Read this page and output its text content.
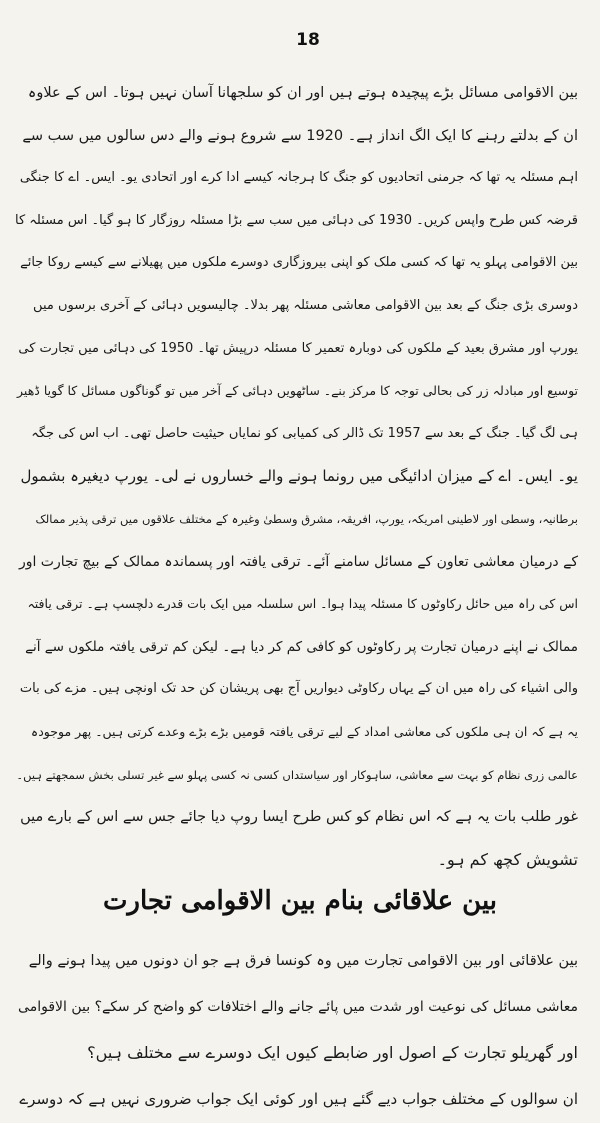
18
بین الاقوامی مسائل بڑے پیچیدہ ہوتے ہیں اور ان کو سلجھانا آسان نہیں ہوتا۔ اس کے علاوہ
ان کے بدلتے رہنے کا ایک الگ انداز ہے۔ 1920 سے شروع ہونے والے دس سالوں میں سب سے
اہم مسئلہ یہ تھا کہ جرمنی اتحادیوں کو جنگ کا ہرجانہ کیسے ادا کرے اور اتحادی یو۔ ایس۔ اے کا جنگی
قرضہ کس طرح واپس کریں۔ 1930 کی دہائی میں سب سے بڑا مسئلہ روزگار کا ہو گیا۔ اس مسئلہ کا
بین الاقوامی پہلو یہ تھا کہ کسی ملک کو اپنی بیروزگاری دوسرے ملکوں میں پھیلانے سے کیسے روکا جائے
دوسری بڑی جنگ کے بعد بین الاقوامی معاشی مسئلہ پھر بدلا۔ چالیسویں دہائی کے آخری برسوں میں
یورپ اور مشرق بعید کے ملکوں کی دوبارہ تعمیر کا مسئلہ درپیش تھا۔ 1950 کی دہائی میں تجارت کی
توسیع اور مبادلہ زر کی بحالی توجہ کا مرکز بنے۔ ساٹھویں دہائی کے آخر میں تو گوناگوں مسائل کا گویا ڈھیر
ہی لگ گیا۔ جنگ کے بعد سے 1957 تک ڈالر کی کمیابی کو نمایاں حیثیت حاصل تھی۔ اب اس کی جگہ
یو۔ ایس۔ اے کے میزان ادائیگی میں رونما ہونے والے خساروں نے لی۔ یورپ دیغیرہ بشمول
برطانیہ، وسطی اور لاطینی امریکہ، یورپ، افریقہ، مشرق وسطیٰ وغیرہ کے مختلف علاقوں میں ترقی پذیر ممالک
کے درمیان معاشی تعاون کے مسائل سامنے آئے۔ ترقی یافتہ اور پسماندہ ممالک کے بیچ تجارت اور
اس کی راہ میں حائل رکاوٹوں کا مسئلہ پیدا ہوا۔ اس سلسلہ میں ایک بات قدرے دلچسپ ہے۔ ترقی یافتہ
ممالک نے اپنے درمیان تجارت پر رکاوٹوں کو کافی کم کر دیا ہے۔ لیکن کم ترقی یافتہ ملکوں سے آنے
والی اشیاء کی راہ میں ان کے یہاں رکاوٹی دیواریں آج بھی پریشان کن حد تک اونچی ہیں۔ مزے کی بات
یہ ہے کہ ان ہی ملکوں کی معاشی امداد کے لیے ترقی یافتہ قومیں بڑے بڑے وعدے کرتی ہیں۔ پھر موجودہ
عالمی زری نظام کو بہت سے معاشی، ساہوکار اور سیاستداں کسی نہ کسی پہلو سے غیر تسلی بخش سمجھتے ہیں۔
غور طلب بات یہ ہے کہ اس نظام کو کس طرح ایسا روپ دیا جائے جس سے اس کے بارے میں
تشویش کچھ کم ہو۔
بین علاقائی بنام بین الاقوامی تجارت
بین علاقائی اور بین الاقوامی تجارت میں وہ کونسا فرق ہے جو ان دونوں میں پیدا ہونے والے
معاشی مسائل کی نوعیت اور شدت میں پائے جانے والے اختلافات کو واضح کر سکے؟ بین الاقوامی
اور گھریلو تجارت کے اصول اور ضابطے کیوں ایک دوسرے سے مختلف ہیں؟
ان سوالوں کے مختلف جواب دیے گئے ہیں اور کوئی ایک جواب ضروری نہیں ہے کہ دوسرے
